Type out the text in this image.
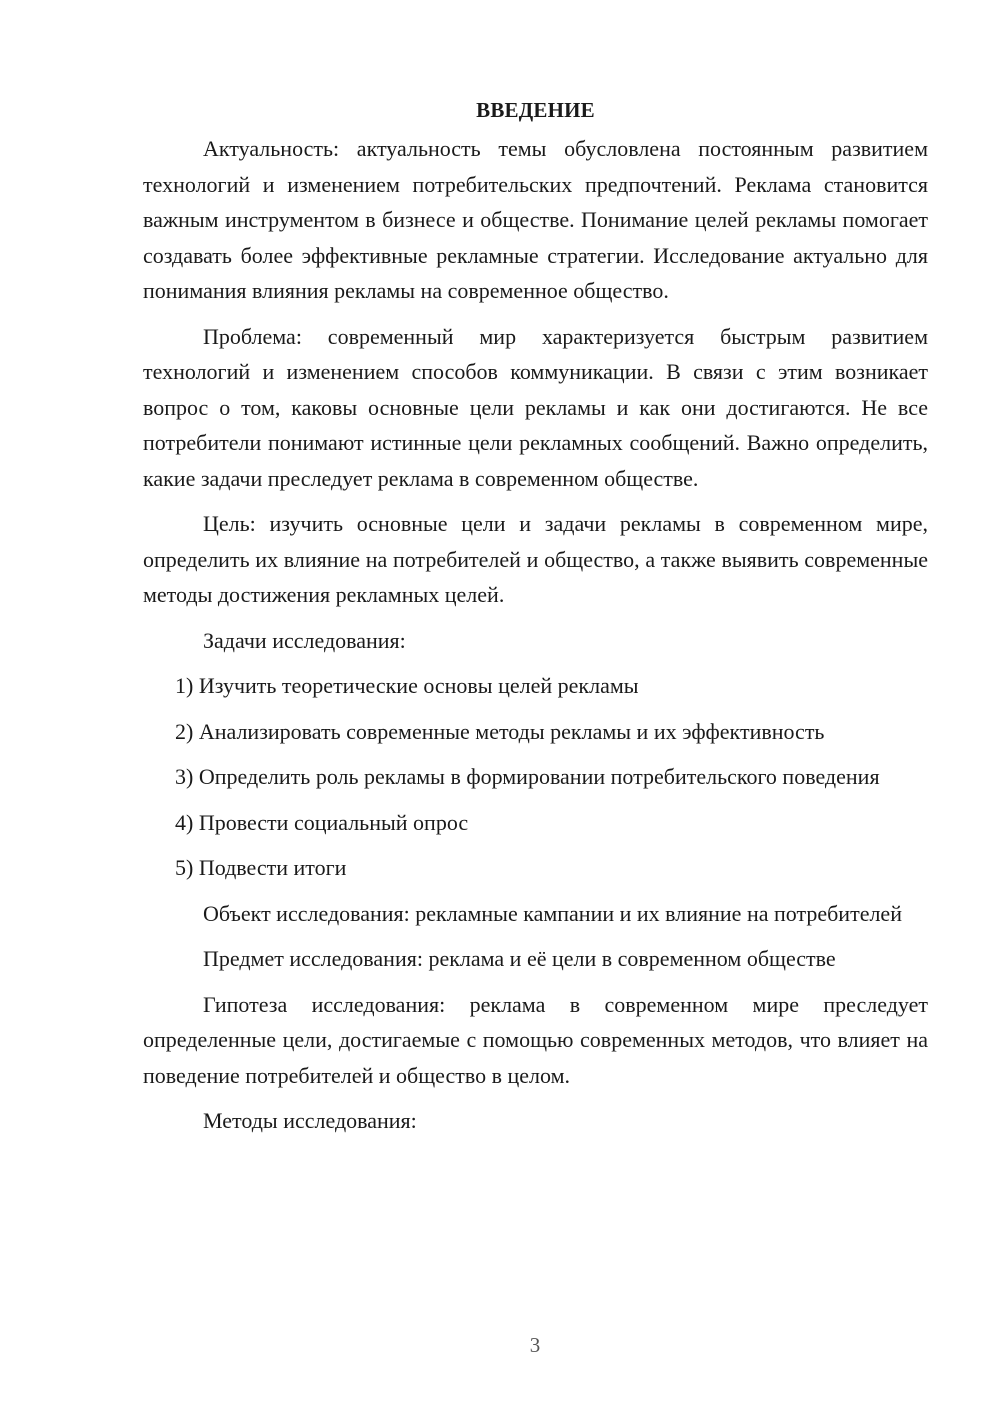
ВВЕДЕНИЕ

Актуальность: актуальность темы обусловлена постоянным развитием технологий и изменением потребительских предпочтений. Реклама становится важным инструментом в бизнесе и обществе. Понимание целей рекламы помогает создавать более эффективные рекламные стратегии. Исследование актуально для понимания влияния рекламы на современное общество.

Проблема: современный мир характеризуется быстрым развитием технологий и изменением способов коммуникации. В связи с этим возникает вопрос о том, каковы основные цели рекламы и как они достигаются. Не все потребители понимают истинные цели рекламных сообщений. Важно определить, какие задачи преследует реклама в современном обществе.

Цель: изучить основные цели и задачи рекламы в современном мире, определить их влияние на потребителей и общество, а также выявить современные методы достижения рекламных целей.

Задачи исследования:

1) Изучить теоретические основы целей рекламы

2) Анализировать современные методы рекламы и их эффективность

3) Определить роль рекламы в формировании потребительского поведения

4) Провести социальный опрос

5) Подвести итоги

Объект исследования: рекламные кампании и их влияние на потребителей

Предмет исследования: реклама и её цели в современном обществе

Гипотеза исследования: реклама в современном мире преследует определенные цели, достигаемые с помощью современных методов, что влияет на поведение потребителей и общество в целом.

Методы исследования:

3
